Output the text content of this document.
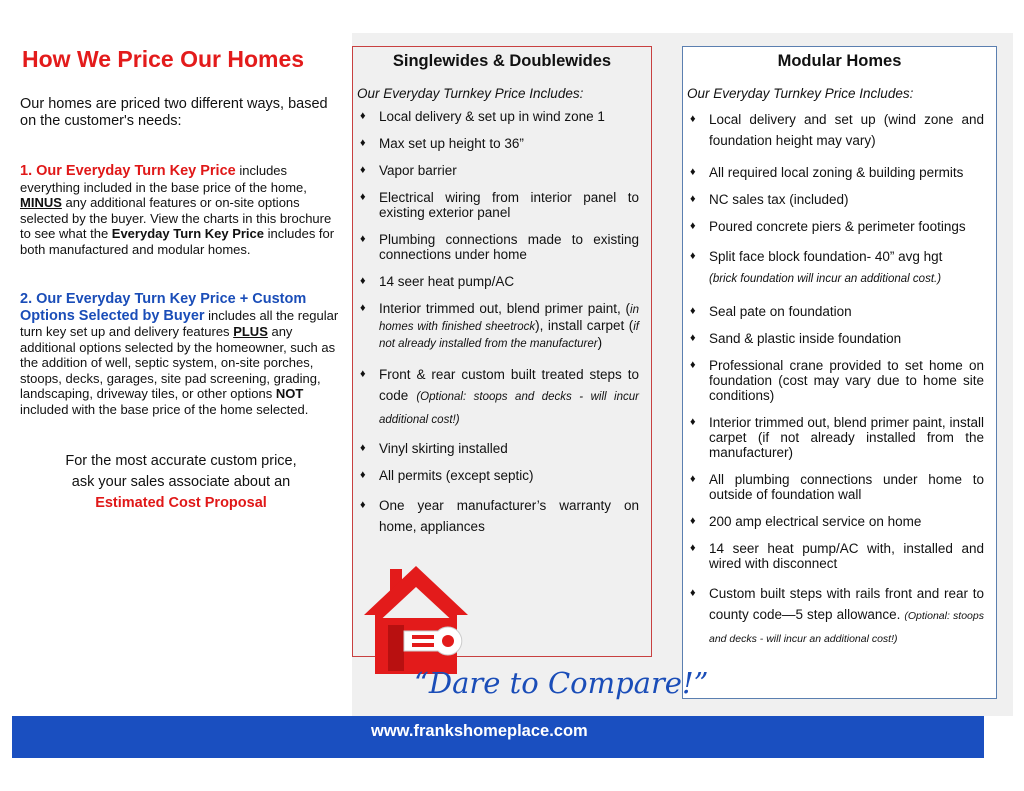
How We Price Our Homes
Our homes are priced two different ways, based on the customer's needs:
1. Our Everyday Turn Key Price includes everything included in the base price of the home, MINUS any additional features or on-site options selected by the buyer. View the charts in this brochure to see what the Everyday Turn Key Price includes for both manufactured and modular homes.
2. Our Everyday Turn Key Price + Custom Options Selected by Buyer includes all the regular turn key set up and delivery features PLUS any additional options selected by the homeowner, such as the addition of well, septic system, on-site porches, stoops, decks, garages, site pad screening, grading, landscaping, driveway tiles, or other options NOT included with the base price of the home selected.
For the most accurate custom price,
ask your sales associate about an
Estimated Cost Proposal
Singlewides & Doublewides
Our Everyday Turnkey Price Includes:
♦ Local delivery & set up in wind zone 1
♦ Max set up height to 36”
♦ Vapor barrier
♦ Electrical wiring from interior panel to existing exterior panel
♦ Plumbing connections made to existing connections under home
♦ 14 seer heat pump/AC
♦ Interior trimmed out, blend primer paint, (in homes with finished sheetrock), install carpet (if not already installed from the manufacturer)
♦ Front & rear custom built treated steps to code (Optional: stoops and decks - will incur additional cost!)
♦ Vinyl skirting installed
♦ All permits (except septic)
♦ One year manufacturer’s warranty on home, appliances
Modular Homes
Our Everyday Turnkey Price Includes:
♦ Local delivery and set up (wind zone and foundation height may vary)
♦ All required local zoning & building permits
♦ NC sales tax (included)
♦ Poured concrete piers & perimeter footings
♦ Split face block foundation- 40” avg hgt
(brick foundation will incur an additional cost.)
♦ Seal pate on foundation
♦ Sand & plastic inside foundation
♦ Professional crane provided to set home on foundation (cost may vary due to home site conditions)
♦ Interior trimmed out, blend primer paint, install carpet (if not already installed from the manufacturer)
♦ All plumbing connections under home to outside of foundation wall
♦ 200 amp electrical service on home
♦ 14 seer heat pump/AC with, installed and wired with disconnect
♦ Custom built steps with rails front and rear to county code—5 step allowance. (Optional: stoops and decks - will incur an additional cost!)
“Dare to Compare!”
www.frankshomeplace.com
